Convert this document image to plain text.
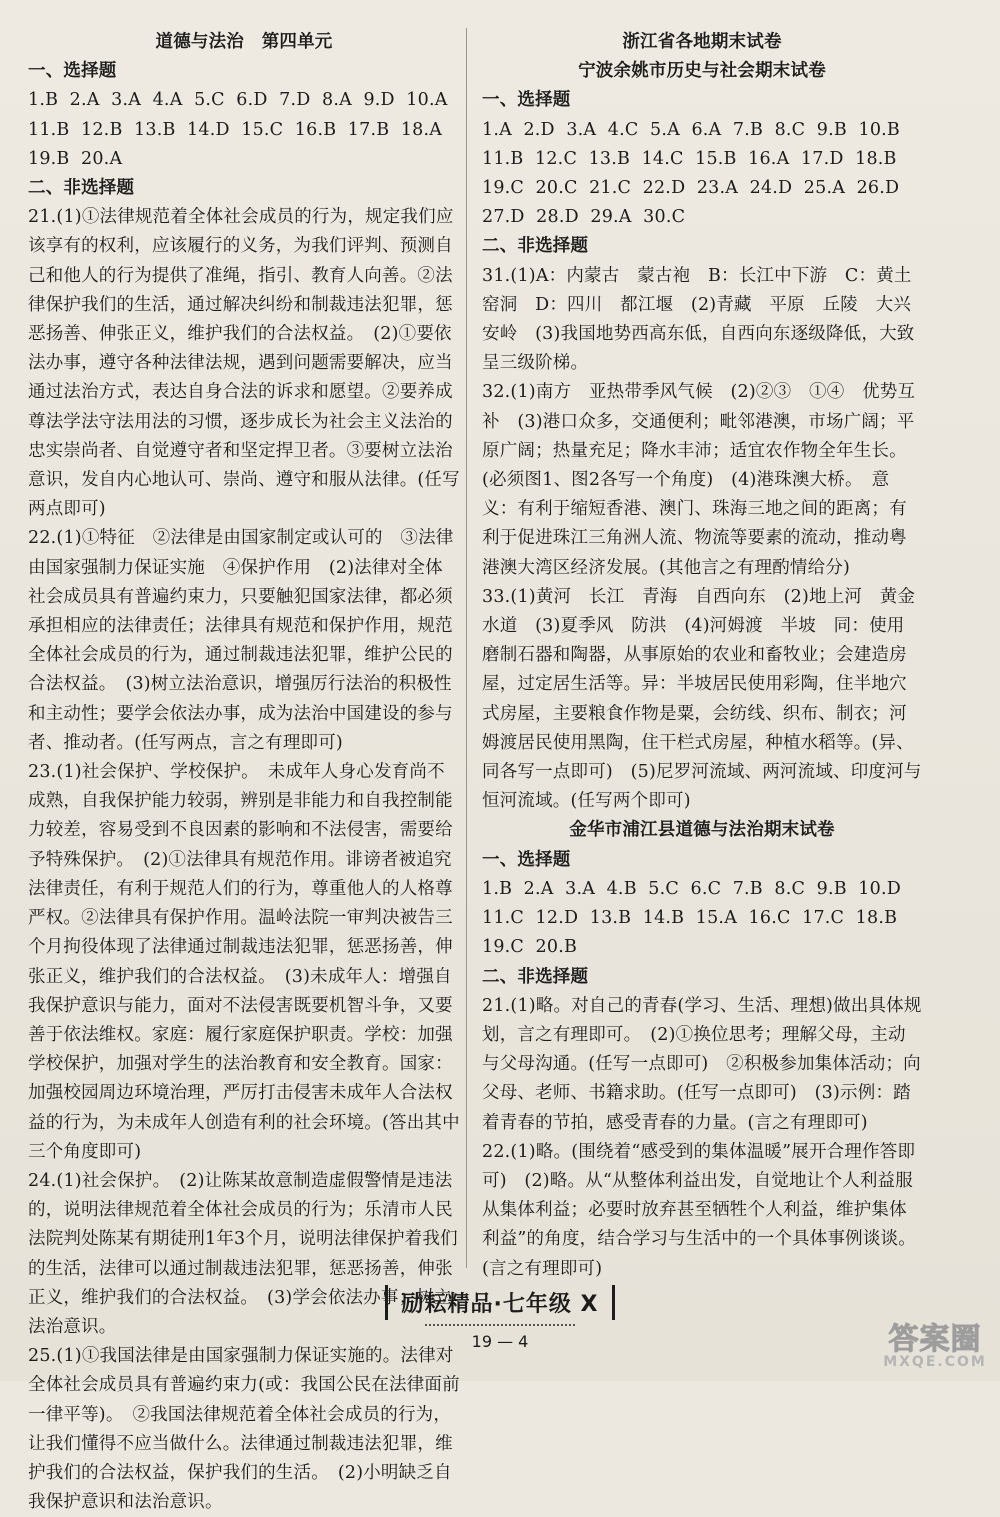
道德与法治　第四单元
一、选择题
1.B  2.A  3.A  4.A  5.C  6.D  7.D  8.A  9.D  10.A
11.B  12.B  13.B  14.D  15.C  16.B  17.B  18.A
19.B  20.A
二、非选择题
21.(1)①法律规范着全体社会成员的行为，规定我们应该享有的权利，应该履行的义务，为我们评判、预测自己和他人的行为提供了准绳，指引、教育人向善。②法律保护我们的生活，通过解决纠纷和制裁违法犯罪，惩恶扬善、伸张正义，维护我们的合法权益。　(2)①要依法办事，遵守各种法律法规，遇到问题需要解决，应当通过法治方式，表达自身合法的诉求和愿望。②要养成尊法学法守法用法的习惯，逐步成长为社会主义法治的忠实崇尚者、自觉遵守者和坚定捍卫者。③要树立法治意识，发自内心地认可、崇尚、遵守和服从法律。(任写两点即可)
22.(1)①特征　②法律是由国家制定或认可的　③法律由国家强制力保证实施　④保护作用　(2)法律对全体社会成员具有普遍约束力，只要触犯国家法律，都必须承担相应的法律责任；法律具有规范和保护作用，规范全体社会成员的行为，通过制裁违法犯罪，维护公民的合法权益。　(3)树立法治意识，增强厉行法治的积极性和主动性；要学会依法办事，成为法治中国建设的参与者、推动者。(任写两点，言之有理即可)
23.(1)社会保护、学校保护。　未成年人身心发育尚不成熟，自我保护能力较弱，辨别是非能力和自我控制能力较差，容易受到不良因素的影响和不法侵害，需要给予特殊保护。　(2)①法律具有规范作用。诽谤者被追究法律责任，有利于规范人们的行为，尊重他人的人格尊严权。②法律具有保护作用。温岭法院一审判决被告三个月拘役体现了法律通过制裁违法犯罪，惩恶扬善，伸张正义，维护我们的合法权益。　(3)未成年人：增强自我保护意识与能力，面对不法侵害既要机智斗争，又要善于依法维权。家庭：履行家庭保护职责。学校：加强学校保护，加强对学生的法治教育和安全教育。国家：加强校园周边环境治理，严厉打击侵害未成年人合法权益的行为，为未成年人创造有利的社会环境。(答出其中三个角度即可)
24.(1)社会保护。　(2)让陈某故意制造虚假警情是违法的，说明法律规范着全体社会成员的行为；乐清市人民法院判处陈某有期徒刑1年3个月，说明法律保护着我们的生活，法律可以通过制裁违法犯罪，惩恶扬善，伸张正义，维护我们的合法权益。　(3)学会依法办事；树立法治意识。
25.(1)①我国法律是由国家强制力保证实施的。法律对全体社会成员具有普遍约束力(或：我国公民在法律面前一律平等)。　②我国法律规范着全体社会成员的行为，让我们懂得不应当做什么。法律通过制裁违法犯罪，维护我们的合法权益，保护我们的生活。　(2)小明缺乏自我保护意识和法治意识。
浙江省各地期末试卷
宁波余姚市历史与社会期末试卷
一、选择题
1.A  2.D  3.A  4.C  5.A  6.A  7.B  8.C  9.B  10.B
11.B  12.C  13.B  14.C  15.B  16.A  17.D  18.B
19.C  20.C  21.C  22.D  23.A  24.D  25.A  26.D
27.D  28.D  29.A  30.C
二、非选择题
31.(1)A：内蒙古　蒙古袍　B：长江中下游　C：黄土窑洞　D：四川　都江堰　(2)青藏　平原　丘陵　大兴安岭　(3)我国地势西高东低，自西向东逐级降低，大致呈三级阶梯。
32.(1)南方　亚热带季风气候　(2)②③　①④　优势互补　(3)港口众多，交通便利；毗邻港澳，市场广阔；平原广阔；热量充足；降水丰沛；适宜农作物全年生长。(必须图1、图2各写一个角度)　(4)港珠澳大桥。　意义：有利于缩短香港、澳门、珠海三地之间的距离；有利于促进珠江三角洲人流、物流等要素的流动，推动粤港澳大湾区经济发展。(其他言之有理酌情给分)
33.(1)黄河　长江　青海　自西向东　(2)地上河　黄金水道　(3)夏季风　防洪　(4)河姆渡　半坡　同：使用磨制石器和陶器，从事原始的农业和畜牧业；会建造房屋，过定居生活等。异：半坡居民使用彩陶，住半地穴式房屋，主要粮食作物是粟，会纺线、织布、制衣；河姆渡居民使用黑陶，住干栏式房屋，种植水稻等。(异、同各写一点即可)　(5)尼罗河流域、两河流域、印度河与恒河流域。(任写两个即可)
金华市浦江县道德与法治期末试卷
一、选择题
1.B  2.A  3.A  4.B  5.C  6.C  7.B  8.C  9.B  10.D
11.C  12.D  13.B  14.B  15.A  16.C  17.C  18.B
19.C  20.B
二、非选择题
21.(1)略。对自己的青春(学习、生活、理想)做出具体规划，言之有理即可。　(2)①换位思考；理解父母，主动与父母沟通。(任写一点即可)　②积极参加集体活动；向父母、老师、书籍求助。(任写一点即可)　(3)示例：踏着青春的节拍，感受青春的力量。(言之有理即可)
22.(1)略。(围绕着“感受到的集体温暖”展开合理作答即可)　(2)略。从“从整体利益出发，自觉地让个人利益服从集体利益；必要时放弃甚至牺牲个人利益，维护集体利益”的角度，结合学习与生活中的一个具体事例谈谈。(言之有理即可)
励耘精品·七年级 X
19 — 4	答案圈
MXQE.COM
